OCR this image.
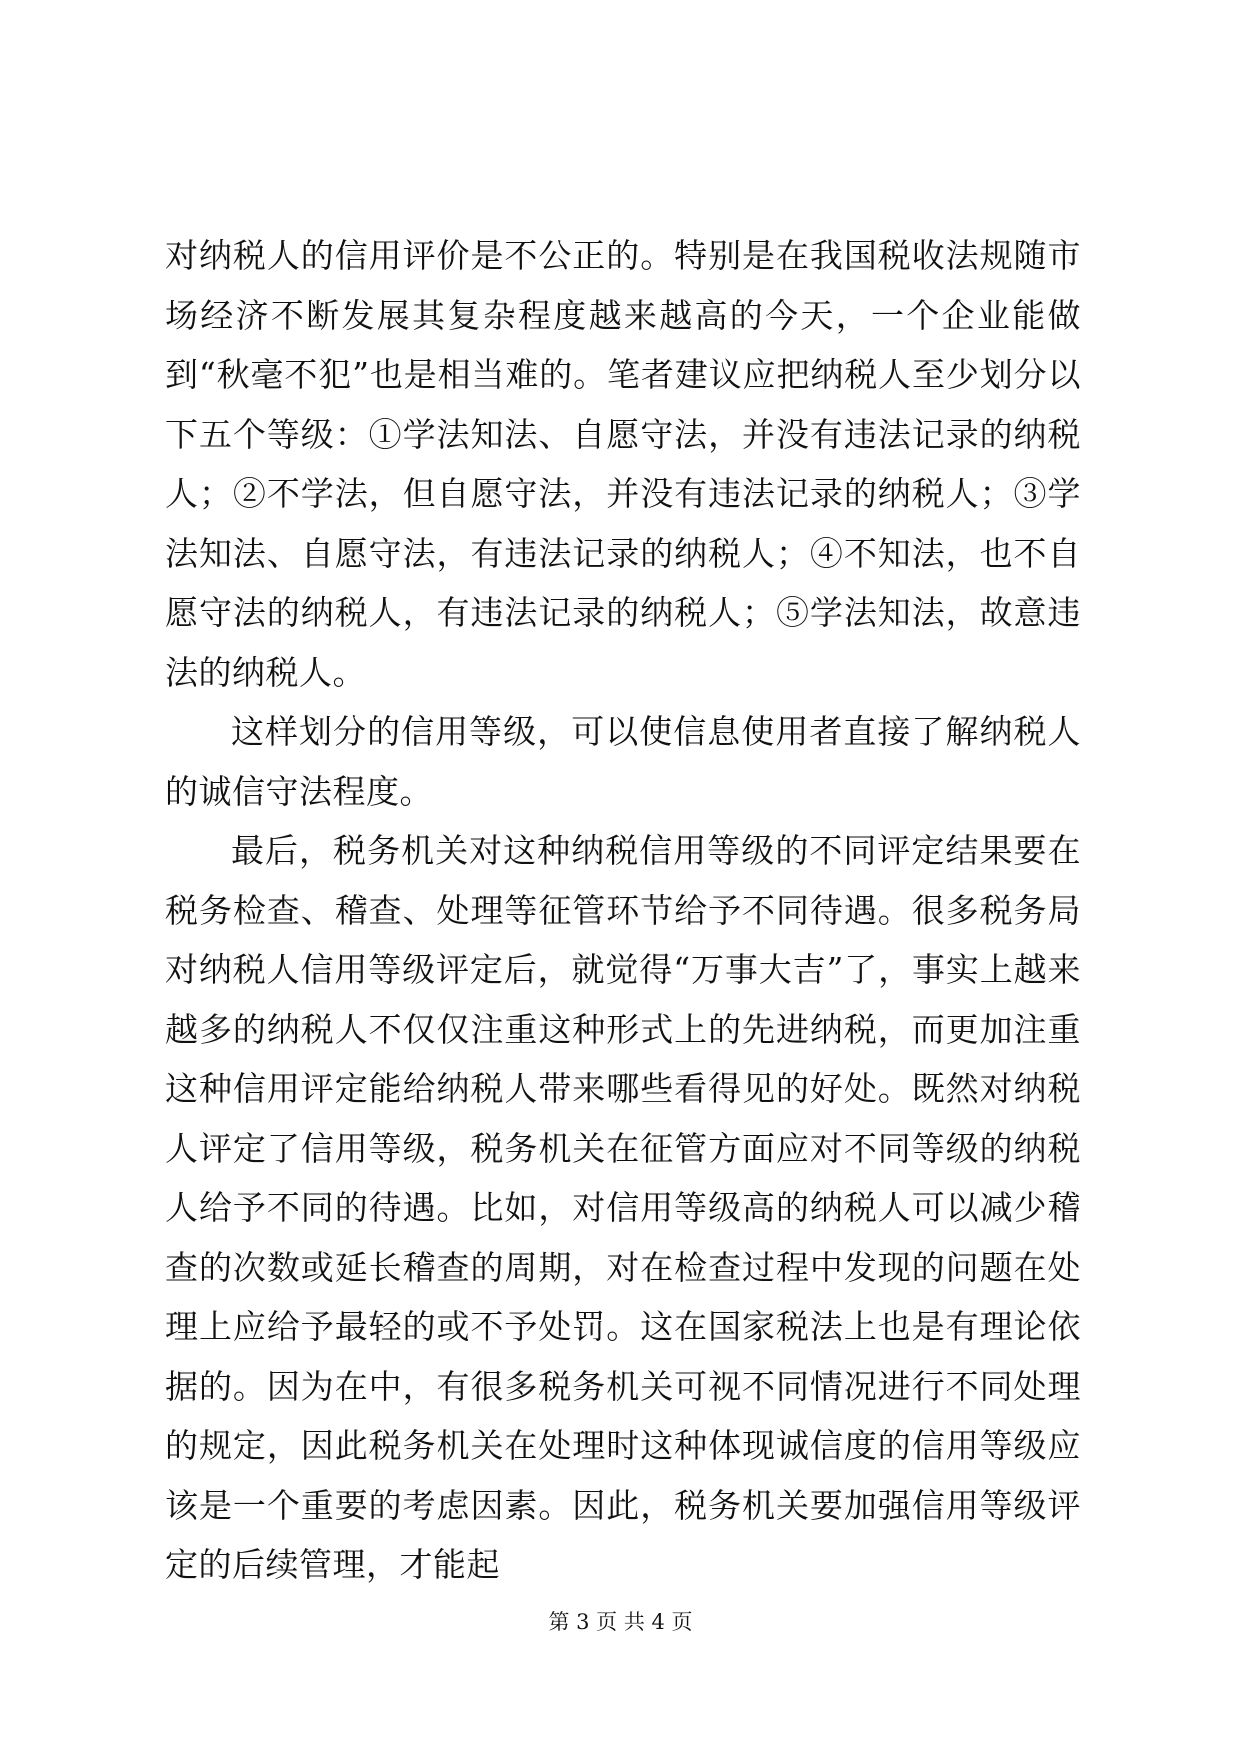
对纳税人的信用评价是不公正的。特别是在我国税收法规随市场经济不断发展其复杂程度越来越高的今天，一个企业能做到“秋毫不犯”也是相当难的。笔者建议应把纳税人至少划分以下五个等级：①学法知法、自愿守法，并没有违法记录的纳税人；②不学法，但自愿守法，并没有违法记录的纳税人；③学法知法、自愿守法，有违法记录的纳税人；④不知法，也不自愿守法的纳税人，有违法记录的纳税人；⑤学法知法，故意违法的纳税人。

这样划分的信用等级，可以使信息使用者直接了解纳税人的诚信守法程度。

最后，税务机关对这种纳税信用等级的不同评定结果要在税务检查、稽查、处理等征管环节给予不同待遇。很多税务局对纳税人信用等级评定后，就觉得“万事大吉”了，事实上越来越多的纳税人不仅仅注重这种形式上的先进纳税，而更加注重这种信用评定能给纳税人带来哪些看得见的好处。既然对纳税人评定了信用等级，税务机关在征管方面应对不同等级的纳税人给予不同的待遇。比如，对信用等级高的纳税人可以减少稽查的次数或延长稽查的周期，对在检查过程中发现的问题在处理上应给予最轻的或不予处罚。这在国家税法上也是有理论依据的。因为在中，有很多税务机关可视不同情况进行不同处理的规定，因此税务机关在处理时这种体现诚信度的信用等级应该是一个重要的考虑因素。因此，税务机关要加强信用等级评定的后续管理，才能起

第 3 页 共 4 页
